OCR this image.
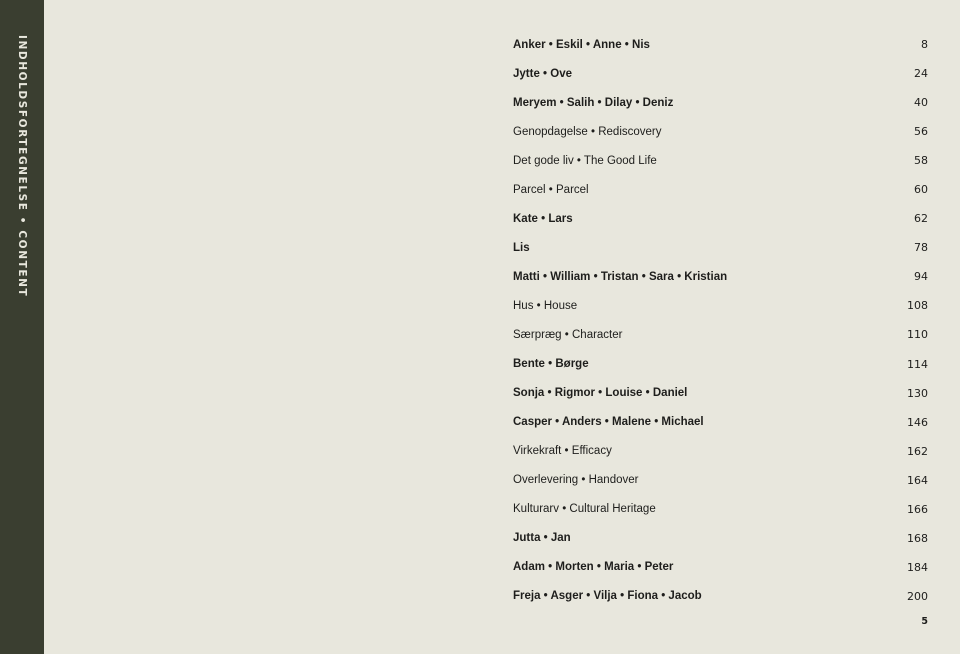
INDHOLDSFORTEGNELSE • CONTENT	Anker • Eskil • Anne • Nis	8
Jytte • Ove	24
Meryem • Salih • Dilay • Deniz	40
Genopdagelse • Rediscovery	56
Det gode liv • The Good Life	58
Parcel • Parcel	60
Kate • Lars	62
Lis	78
Matti • William • Tristan • Sara • Kristian	94
Hus • House	108
Særpræg • Character	110
Bente • Børge	114
Sonja • Rigmor • Louise • Daniel	130
Casper • Anders • Malene • Michael	146
Virkekraft • Efficacy	162
Overlevering • Handover	164
Kulturarv • Cultural Heritage	166
Jutta • Jan	168
Adam • Morten • Maria • Peter	184
Freja • Asger • Vilja • Fiona • Jacob	200
5
